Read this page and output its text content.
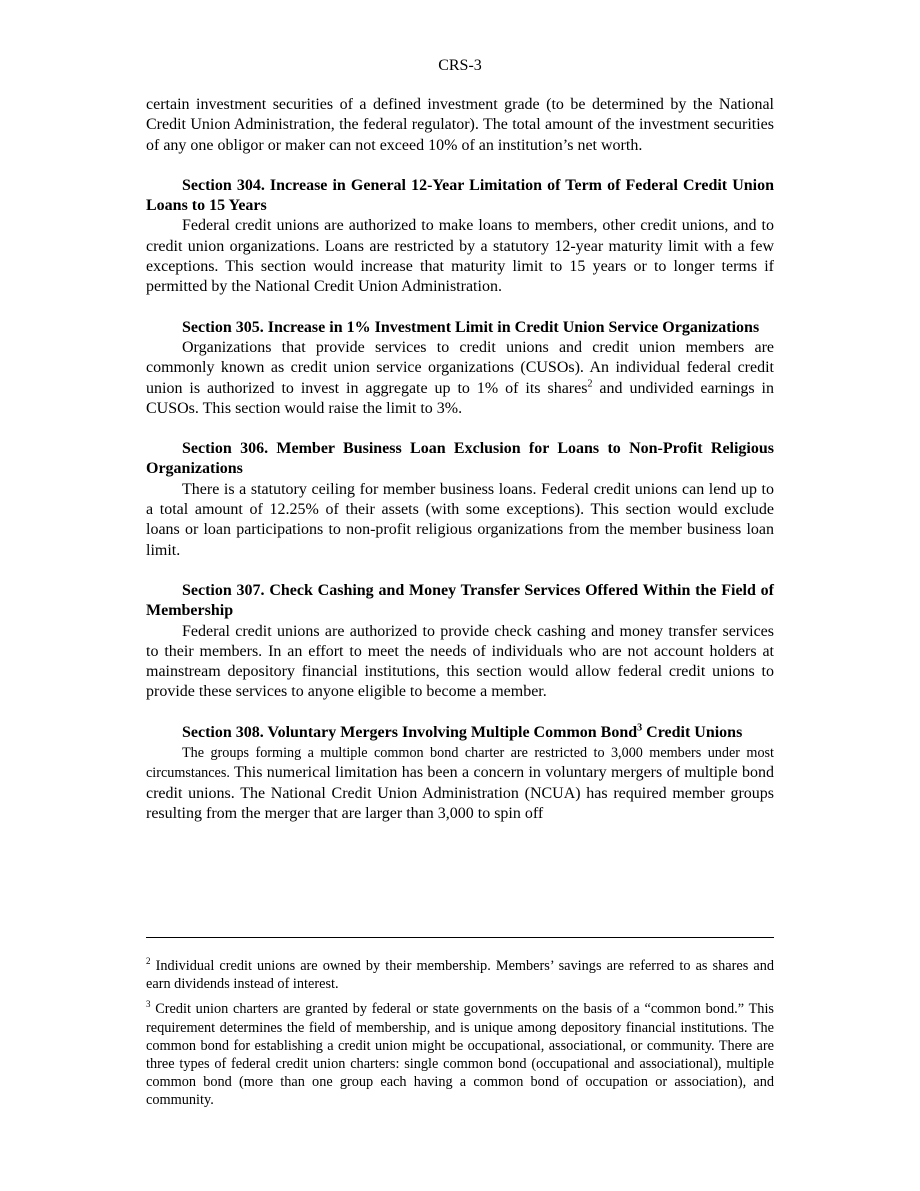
CRS-3

certain investment securities of a defined investment grade (to be determined by the National Credit Union Administration, the federal regulator). The total amount of the investment securities of any one obligor or maker can not exceed 10% of an institution’s net worth.

Section 304. Increase in General 12-Year Limitation of Term of Federal Credit Union Loans to 15 Years

Federal credit unions are authorized to make loans to members, other credit unions, and to credit union organizations. Loans are restricted by a statutory 12-year maturity limit with a few exceptions. This section would increase that maturity limit to 15 years or to longer terms if permitted by the National Credit Union Administration.

Section 305. Increase in 1% Investment Limit in Credit Union Service Organizations

Organizations that provide services to credit unions and credit union members are commonly known as credit union service organizations (CUSOs). An individual federal credit union is authorized to invest in aggregate up to 1% of its shares$^2$ and undivided earnings in CUSOs. This section would raise the limit to 3%.

Section 306. Member Business Loan Exclusion for Loans to Non-Profit Religious Organizations

There is a statutory ceiling for member business loans. Federal credit unions can lend up to a total amount of 12.25% of their assets (with some exceptions). This section would exclude loans or loan participations to non-profit religious organizations from the member business loan limit.

Section 307. Check Cashing and Money Transfer Services Offered Within the Field of Membership

Federal credit unions are authorized to provide check cashing and money transfer services to their members. In an effort to meet the needs of individuals who are not account holders at mainstream depository financial institutions, this section would allow federal credit unions to provide these services to anyone eligible to become a member.

Section 308. Voluntary Mergers Involving Multiple Common Bond$^3$ Credit Unions

The groups forming a multiple common bond charter are restricted to 3,000 members under most circumstances. This numerical limitation has been a concern in voluntary mergers of multiple bond credit unions. The National Credit Union Administration (NCUA) has required member groups resulting from the merger that are larger than 3,000 to spin off

$^2$ Individual credit unions are owned by their membership. Members’ savings are referred to as shares and earn dividends instead of interest.

$^3$ Credit union charters are granted by federal or state governments on the basis of a “common bond.” This requirement determines the field of membership, and is unique among depository financial institutions. The common bond for establishing a credit union might be occupational, associational, or community. There are three types of federal credit union charters: single common bond (occupational and associational), multiple common bond (more than one group each having a common bond of occupation or association), and community.
